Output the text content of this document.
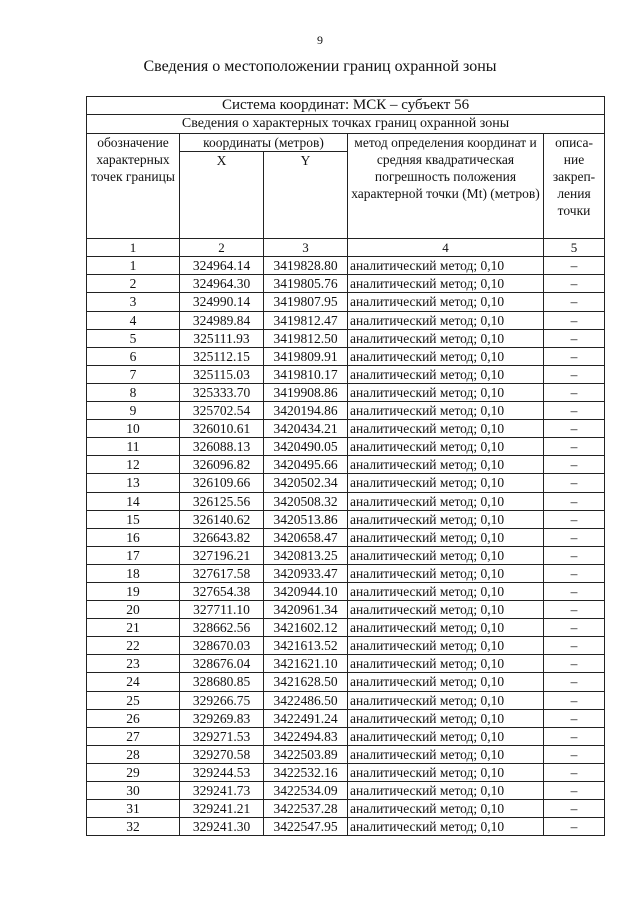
9
Сведения о местоположении границ охранной зоны
Система координат: МСК – субъект 56				
Сведения о характерных точках границ охранной зоны				
обозначение характерных точек границы	координаты (метров)		метод определения координат и средняя квадратическая погрешность положения характерной точки (Mt) (метров)	описа-ние закреп-ления точки
	X	Y		
1	2	3	4	5
1	324964.14	3419828.80	аналитический метод; 0,10	–
2	324964.30	3419805.76	аналитический метод; 0,10	–
3	324990.14	3419807.95	аналитический метод; 0,10	–
4	324989.84	3419812.47	аналитический метод; 0,10	–
5	325111.93	3419812.50	аналитический метод; 0,10	–
6	325112.15	3419809.91	аналитический метод; 0,10	–
7	325115.03	3419810.17	аналитический метод; 0,10	–
8	325333.70	3419908.86	аналитический метод; 0,10	–
9	325702.54	3420194.86	аналитический метод; 0,10	–
10	326010.61	3420434.21	аналитический метод; 0,10	–
11	326088.13	3420490.05	аналитический метод; 0,10	–
12	326096.82	3420495.66	аналитический метод; 0,10	–
13	326109.66	3420502.34	аналитический метод; 0,10	–
14	326125.56	3420508.32	аналитический метод; 0,10	–
15	326140.62	3420513.86	аналитический метод; 0,10	–
16	326643.82	3420658.47	аналитический метод; 0,10	–
17	327196.21	3420813.25	аналитический метод; 0,10	–
18	327617.58	3420933.47	аналитический метод; 0,10	–
19	327654.38	3420944.10	аналитический метод; 0,10	–
20	327711.10	3420961.34	аналитический метод; 0,10	–
21	328662.56	3421602.12	аналитический метод; 0,10	–
22	328670.03	3421613.52	аналитический метод; 0,10	–
23	328676.04	3421621.10	аналитический метод; 0,10	–
24	328680.85	3421628.50	аналитический метод; 0,10	–
25	329266.75	3422486.50	аналитический метод; 0,10	–
26	329269.83	3422491.24	аналитический метод; 0,10	–
27	329271.53	3422494.83	аналитический метод; 0,10	–
28	329270.58	3422503.89	аналитический метод; 0,10	–
29	329244.53	3422532.16	аналитический метод; 0,10	–
30	329241.73	3422534.09	аналитический метод; 0,10	–
31	329241.21	3422537.28	аналитический метод; 0,10	–
32	329241.30	3422547.95	аналитический метод; 0,10	–
